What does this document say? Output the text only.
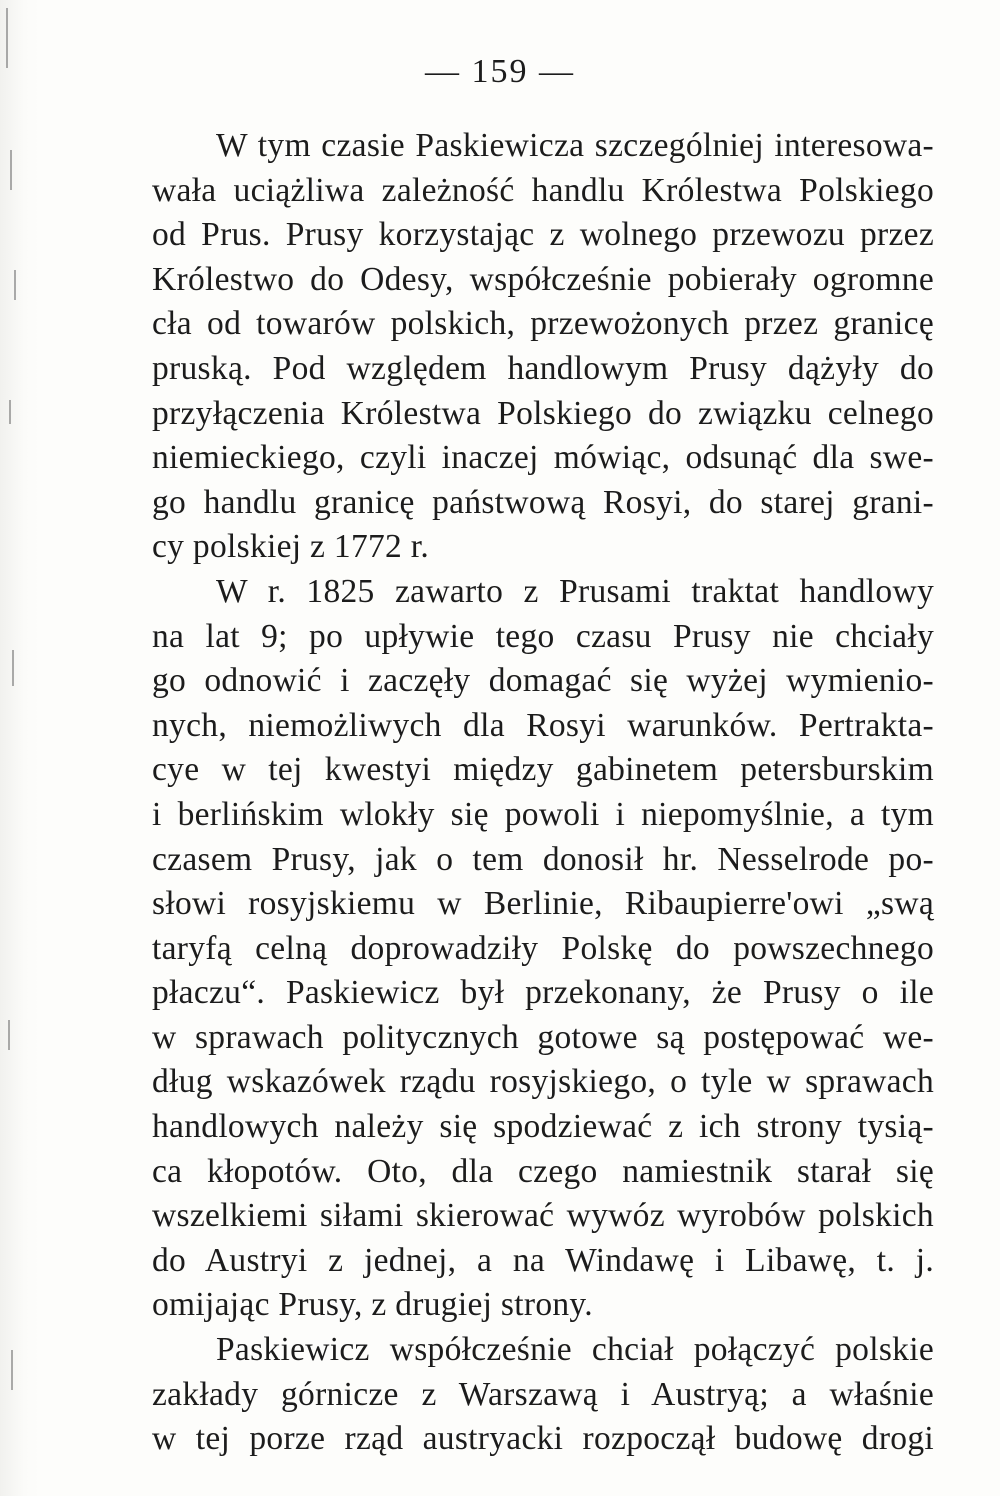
— 159 —
W tym czasie Paskiewicza szczególniej interesowa-
wała uciążliwa zależność handlu Królestwa Polskiego
od Prus. Prusy korzystając z wolnego przewozu przez
Królestwo do Odesy, współcześnie pobierały ogromne
cła od towarów polskich, przewożonych przez granicę
pruską. Pod względem handlowym Prusy dążyły do
przyłączenia Królestwa Polskiego do związku celnego
niemieckiego, czyli inaczej mówiąc, odsunąć dla swe-
go handlu granicę państwową Rosyi, do starej grani-
cy polskiej z 1772 r.
W r. 1825 zawarto z Prusami traktat handlowy
na lat 9; po upływie tego czasu Prusy nie chciały
go odnowić i zaczęły domagać się wyżej wymienio-
nych, niemożliwych dla Rosyi warunków. Pertrakta-
cye w tej kwestyi między gabinetem petersburskim
i berlińskim wlokły się powoli i niepomyślnie, a tym
czasem Prusy, jak o tem donosił hr. Nesselrode po-
słowi rosyjskiemu w Berlinie, Ribaupierre'owi „swą
taryfą celną doprowadziły Polskę do powszechnego
płaczu“. Paskiewicz był przekonany, że Prusy o ile
w sprawach politycznych gotowe są postępować we-
dług wskazówek rządu rosyjskiego, o tyle w sprawach
handlowych należy się spodziewać z ich strony tysią-
ca kłopotów. Oto, dla czego namiestnik starał się
wszelkiemi siłami skierować wywóz wyrobów polskich
do Austryi z jednej, a na Windawę i Libawę, t. j.
omijając Prusy, z drugiej strony.
Paskiewicz współcześnie chciał połączyć polskie
zakłady górnicze z Warszawą i Austryą; a właśnie
w tej porze rząd austryacki rozpoczął budowę drogi
